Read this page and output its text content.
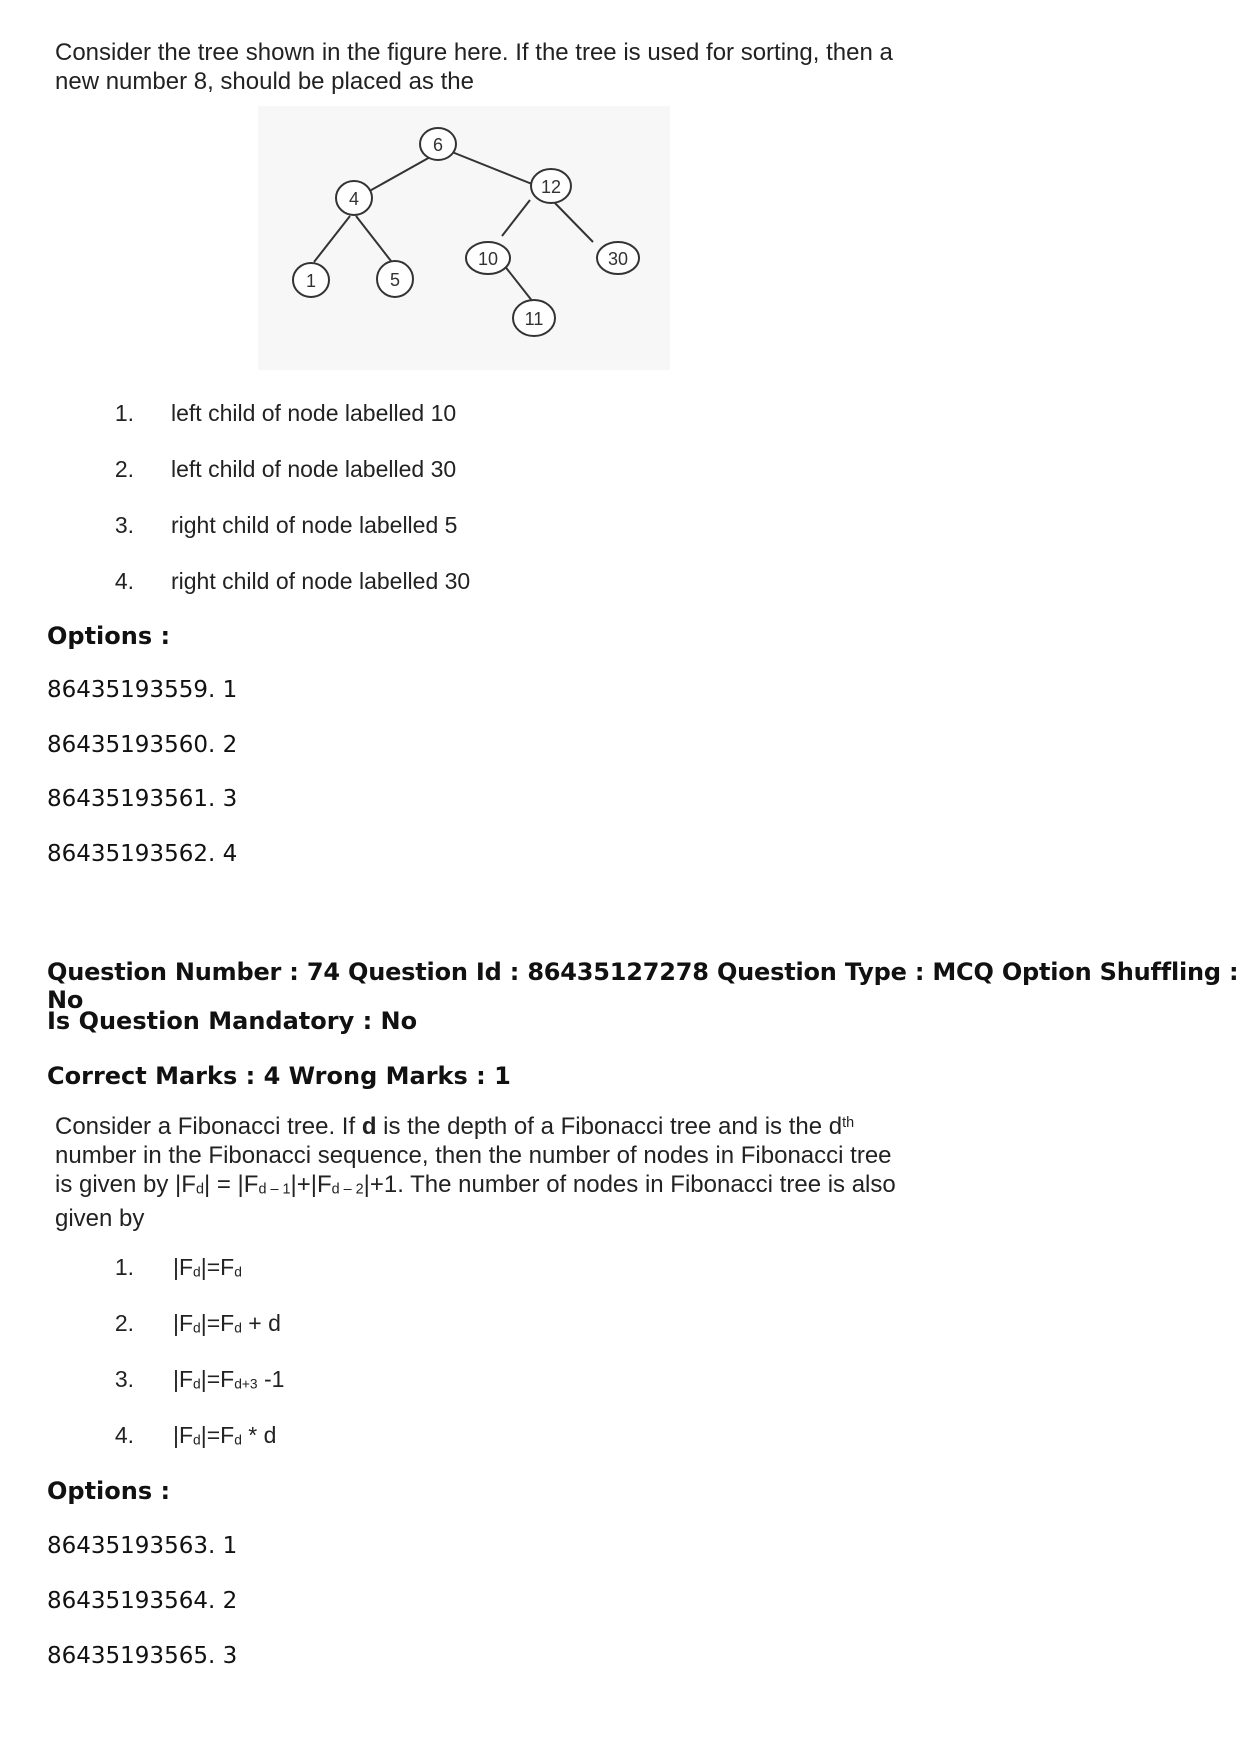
Consider the tree shown in the figure here. If the tree is used for sorting, then a
new number 8, should be placed as the
6
4
12
1	5
10	30
11
1. left child of node labelled 10
2. left child of node labelled 30
3. right child of node labelled 5
4. right child of node labelled 30
Options :
86435193559. 1
86435193560. 2
86435193561. 3
86435193562. 4
Question Number : 74 Question Id : 86435127278 Question Type : MCQ Option Shuffling : No
Is Question Mandatory : No
Correct Marks : 4 Wrong Marks : 1
Consider a Fibonacci tree. If d is the depth of a Fibonacci tree and is the $d^{th}$
number in the Fibonacci sequence, then the number of nodes in Fibonacci tree
is given by $|F_d| = |F_{d - 1}|+|F_{d - 2}|+1$. The number of nodes in Fibonacci tree is also
given by
1. $|F_d|=F_d$
2. $|F_d|=F_d + d$
3. $|F_d|=F_{d+3}$ -1
4. $|F_d|=F_d * d$
Options :
86435193563. 1
86435193564. 2
86435193565. 3
